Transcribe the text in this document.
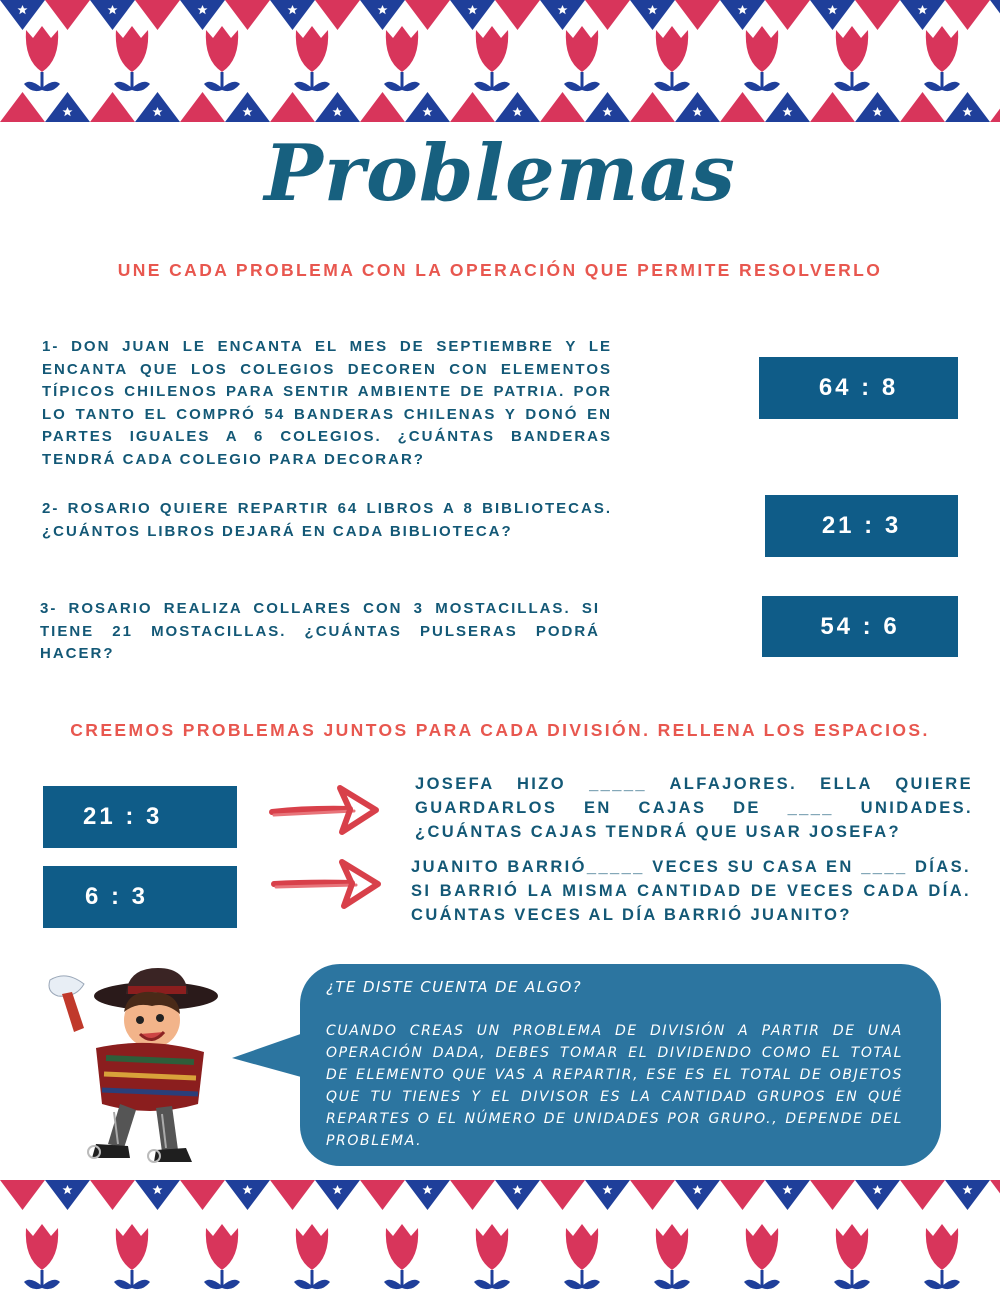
Problemas
UNE CADA PROBLEMA CON LA OPERACIÓN QUE PERMITE RESOLVERLO
1- DON JUAN LE ENCANTA EL MES DE SEPTIEMBRE Y LE ENCANTA QUE LOS COLEGIOS DECOREN CON ELEMENTOS TÍPICOS CHILENOS PARA SENTIR AMBIENTE DE PATRIA. POR LO TANTO EL COMPRÓ 54 BANDERAS CHILENAS Y DONÓ EN PARTES IGUALES A 6 COLEGIOS. ¿CUÁNTAS BANDERAS TENDRÁ CADA COLEGIO PARA DECORAR?
2- ROSARIO QUIERE REPARTIR 64 LIBROS A 8 BIBLIOTECAS. ¿CUÁNTOS LIBROS DEJARÁ EN CADA BIBLIOTECA?
3- ROSARIO REALIZA COLLARES CON 3 MOSTACILLAS. SI TIENE 21 MOSTACILLAS. ¿CUÁNTAS PULSERAS PODRÁ HACER?
64 : 8
21 : 3
54 : 6
CREEMOS PROBLEMAS JUNTOS PARA CADA DIVISIÓN. RELLENA LOS ESPACIOS.
21 : 3
6 : 3
JOSEFA HIZO _____ ALFAJORES. ELLA QUIERE GUARDARLOS EN CAJAS DE ____ UNIDADES. ¿CUÁNTAS CAJAS TENDRÁ QUE USAR JOSEFA?
JUANITO BARRIÓ_____ VECES SU CASA EN ____ DÍAS. SI BARRIÓ LA MISMA CANTIDAD DE VECES CADA DÍA. CUÁNTAS VECES AL DÍA BARRIÓ JUANITO?
¿TE DISTE CUENTA DE ALGO?
CUANDO CREAS UN PROBLEMA DE DIVISIÓN A PARTIR DE UNA OPERACIÓN DADA, DEBES TOMAR EL DIVIDENDO COMO EL TOTAL DE ELEMENTO QUE VAS A REPARTIR, ESE ES EL TOTAL DE OBJETOS QUE TU TIENES Y EL DIVISOR ES LA CANTIDAD GRUPOS EN QUÉ REPARTES O EL NÚMERO DE UNIDADES POR GRUPO., DEPENDE DEL PROBLEMA.
